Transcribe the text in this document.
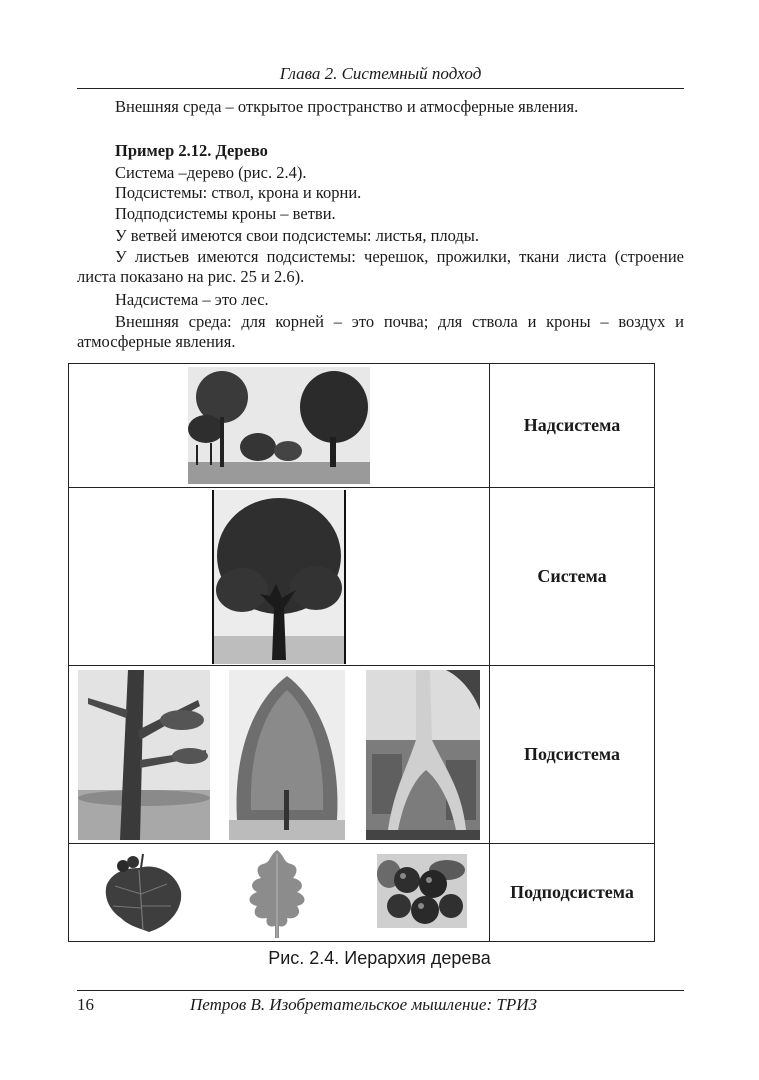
Глава 2. Системный подход
Внешняя среда – открытое пространство и атмосферные явления.
Пример 2.12. Дерево
Система –дерево (рис. 2.4).
Подсистемы: ствол, крона и корни.
Подподсистемы кроны – ветви.
У ветвей имеются свои подсистемы: листья, плоды.
У листьев имеются подсистемы: черешок, прожилки, ткани листа (строение листа показано на рис. 25 и 2.6).
Надсистема – это лес.
Внешняя среда: для корней – это почва; для ствола и кроны – воздух и атмосферные явления.
	Надсистема

	Система

	Подсистема

	Подподсистема
Рис. 2.4. Иерархия дерева
16	Петров В. Изобретательское мышление: ТРИЗ
